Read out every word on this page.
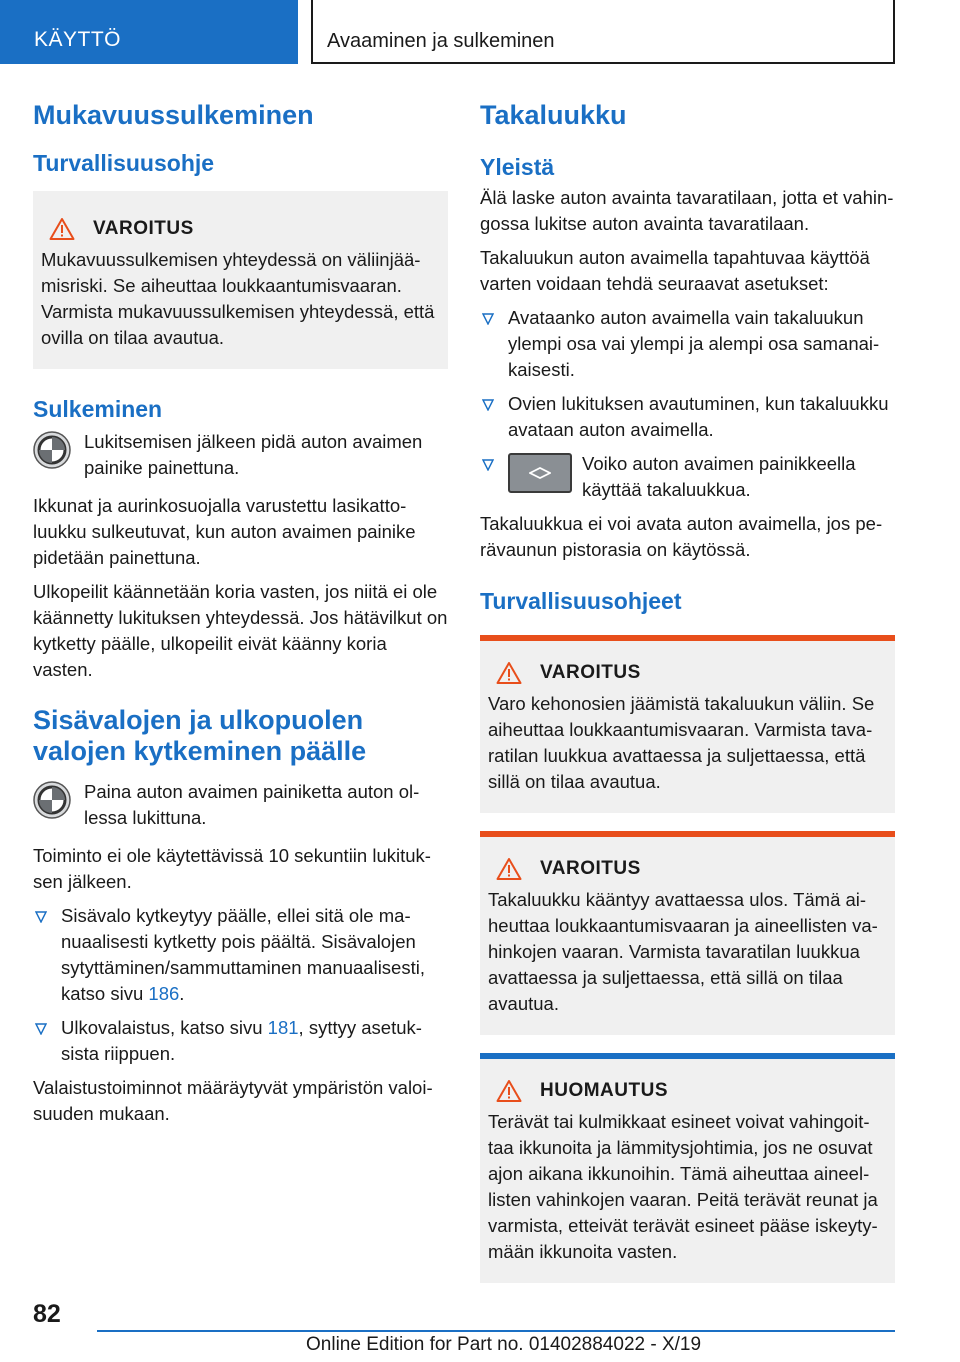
KÄYTTÖ	Avaaminen ja sulkeminen
Mukavuussulkeminen
Turvallisuusohje
VAROITUS

Mukavuussulkemisen yhteydessä on väliinjäämisriski. Se aiheuttaa loukkaantumisvaaran. Varmista mukavuussulkemisen yhteydessä, että ovilla on tilaa avautua.

Sulkeminen

Lukitsemisen jälkeen pidä auton avaimen painike painettuna.

Ikkunat ja aurinkosuojalla varustettu lasikattoluukku sulkeutuvat, kun auton avaimen painike pidetään painettuna.

Ulkopeilit käännetään koria vasten, jos niitä ei ole käännetty lukituksen yhteydessä. Jos hätävilkut on kytketty päälle, ulkopeilit eivät käänny koria vasten.

Sisävalojen ja ulkopuolen valojen kytkeminen päälle

Paina auton avaimen painiketta auton ollessa lukittuna.

Toiminto ei ole käytettävissä 10 sekuntiin lukituksen jälkeen.

Sisävalo kytkeytyy päälle, ellei sitä ole manuaalisesti kytketty pois päältä. Sisävalojen sytyttäminen/sammuttaminen manuaalisesti, katso sivu 186.
Ulkovalaistus, katso sivu 181, syttyy asetuksista riippuen.

Valaistustoiminnot määräytyvät ympäristön valoisuuden mukaan.

Takaluukku
Yleistä

Älä laske auton avainta tavaratilaan, jotta et vahingossa lukitse auton avainta tavaratilaan.

Takaluukun auton avaimella tapahtuvaa käyttöä varten voidaan tehdä seuraavat asetukset:

Avataanko auton avaimella vain takaluukun ylempi osa vai ylempi ja alempi osa samanaikaisesti.
Ovien lukituksen avautuminen, kun takaluukku avataan auton avaimella.
Voiko auton avaimen painikkeella käyttää takaluukkua.

Takaluukkua ei voi avata auton avaimella, jos perävaunun pistorasia on käytössä.

Turvallisuusohjeet
VAROITUS

Varo kehonosien jäämistä takaluukun väliin. Se aiheuttaa loukkaantumisvaaran. Varmista tavaratilan luukkua avattaessa ja suljettaessa, että sillä on tilaa avautua.

VAROITUS

Takaluukku kääntyy avattaessa ulos. Tämä aiheuttaa loukkaantumisvaaran ja aineellisten vahinkojen vaaran. Varmista tavaratilan luukkua avattaessa ja suljettaessa, että sillä on tilaa avautua.

HUOMAUTUS

Terävät tai kulmikkaat esineet voivat vahingoittaa ikkunoita ja lämmitysjohtimia, jos ne osuvat ajon aikana ikkunoihin. Tämä aiheuttaa aineellisten vahinkojen vaaran. Peitä terävät reunat ja varmista, etteivät terävät esineet pääse iskeytymään ikkunoita vasten.

82
Online Edition for Part no. 01402884022 - X/19
